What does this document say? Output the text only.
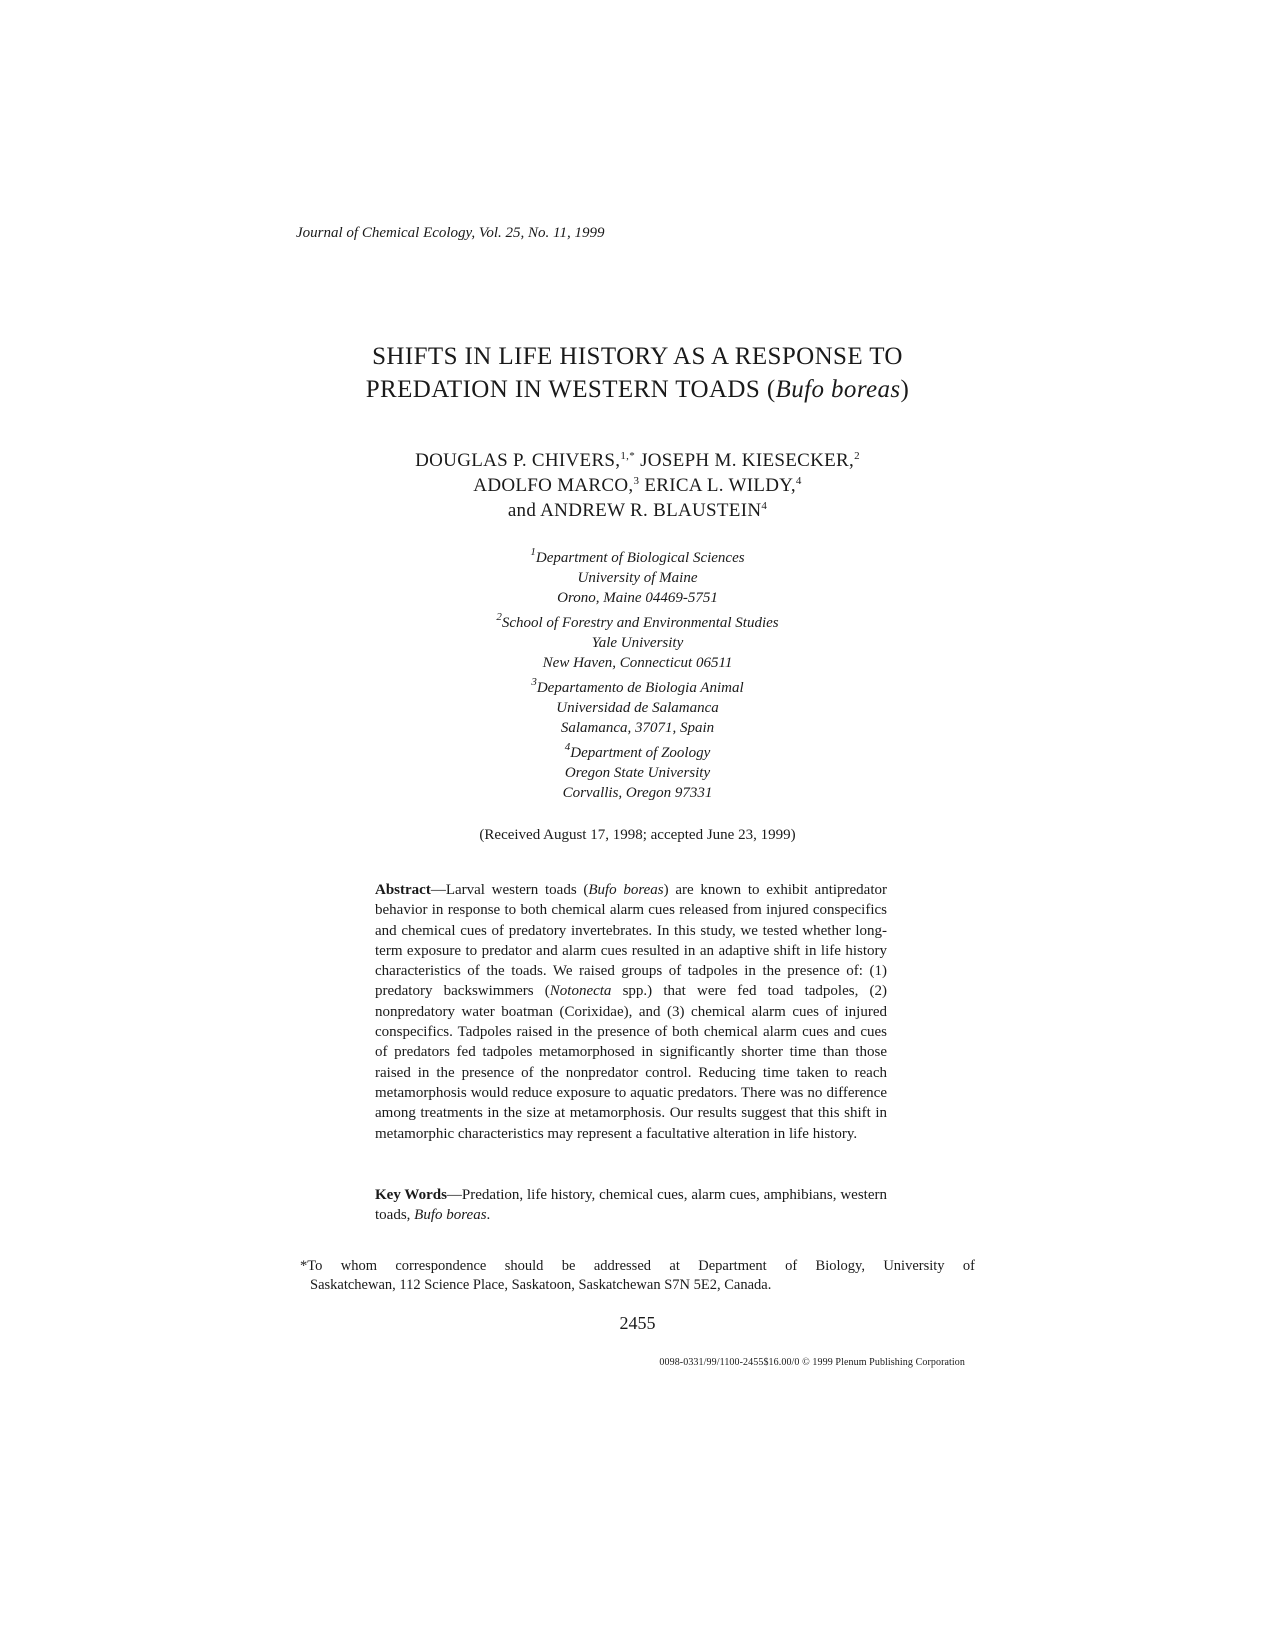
Journal of Chemical Ecology, Vol. 25, No. 11, 1999
SHIFTS IN LIFE HISTORY AS A RESPONSE TO
PREDATION IN WESTERN TOADS (Bufo boreas)
DOUGLAS P. CHIVERS,$^{1,*}$ JOSEPH M. KIESECKER,$^2$
ADOLFO MARCO,$^3$ ERICA L. WILDY,$^4$
and ANDREW R. BLAUSTEIN$^4$
$^1$Department of Biological Sciences
University of Maine
Orono, Maine 04469-5751
$^2$School of Forestry and Environmental Studies
Yale University
New Haven, Connecticut 06511
$^3$Departamento de Biologia Animal
Universidad de Salamanca
Salamanca, 37071, Spain
$^4$Department of Zoology
Oregon State University
Corvallis, Oregon 97331
(Received August 17, 1998; accepted June 23, 1999)
Abstract—Larval western toads (Bufo boreas) are known to exhibit antipredator behavior in response to both chemical alarm cues released from injured conspecifics and chemical cues of predatory invertebrates. In this study, we tested whether long-term exposure to predator and alarm cues resulted in an adaptive shift in life history characteristics of the toads. We raised groups of tadpoles in the presence of: (1) predatory backswimmers (Notonecta spp.) that were fed toad tadpoles, (2) nonpredatory water boatman (Corixidae), and (3) chemical alarm cues of injured conspecifics. Tadpoles raised in the presence of both chemical alarm cues and cues of predators fed tadpoles metamorphosed in significantly shorter time than those raised in the presence of the nonpredator control. Reducing time taken to reach metamorphosis would reduce exposure to aquatic predators. There was no difference among treatments in the size at metamorphosis. Our results suggest that this shift in metamorphic characteristics may represent a facultative alteration in life history.
Key Words—Predation, life history, chemical cues, alarm cues, amphibians, western toads, Bufo boreas.
*To whom correspondence should be addressed at Department of Biology, University of
Saskatchewan, 112 Science Place, Saskatoon, Saskatchewan S7N 5E2, Canada.
2455
0098-0331/99/1100-2455$16.00/0 © 1999 Plenum Publishing Corporation
